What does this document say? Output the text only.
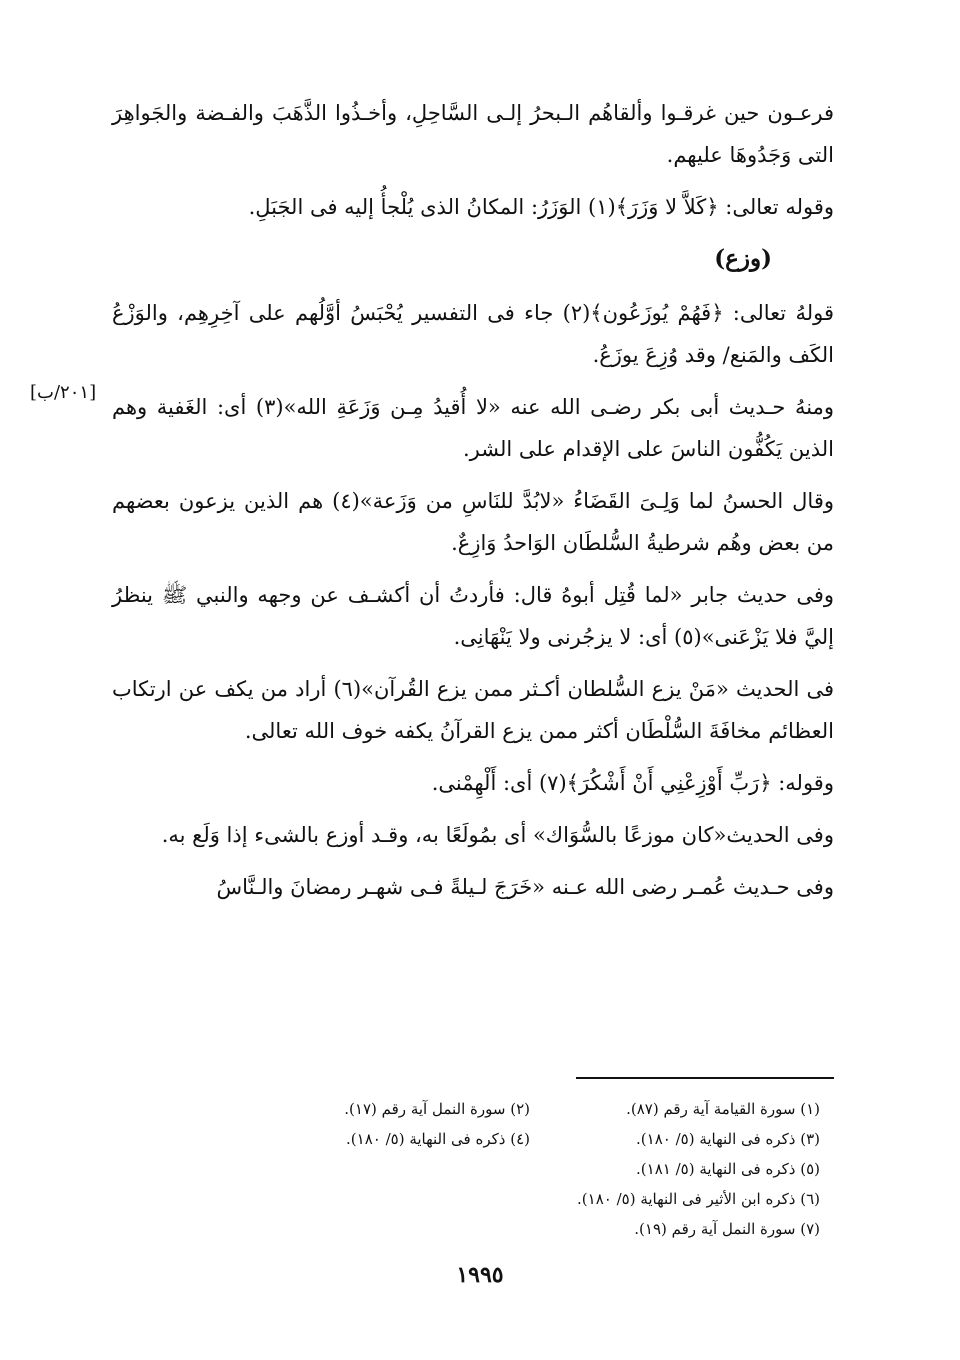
فرعـون حين غرقـوا وألقاهُم الـبحرُ إلـى السَّاحِلِ، وأخـذُوا الذَّهَبَ والفـضة والجَواهِرَ التى وَجَدُوهَا عليهم.

وقوله تعالى: ﴿كَلاَّ لا وَزَرَ﴾(١) الوَزَرُ: المكانُ الذى يُلْجأُ إليه فى الجَبَلِ.

(وزع)

قولهُ تعالى: ﴿فَهُمْ يُوزَعُون﴾(٢) جاء فى التفسير يُحْبَسُ أوَّلُهم على آخِرِهِم، والوَزْعُ الكَف والمَنع/ وقد وُزِعَ يوزَعُ.

ومنهُ حـديث أبى بكر رضـى الله عنه «لا أُقيدُ مِـن وَزَعَةِ الله»(٣) أى: الغَفية وهم الذين يَكُفُّون الناسَ على الإقدام على الشر.

وقال الحسنُ لما وَلِـىَ القَضَاءُ «لابُدَّ للنَاسِ من وَزَعة»(٤) هم الذين يزعون بعضهم من بعض وهُم شرطيةُ السُّلطَان الوَاحدُ وَازِعٌ.

وفى حديث جابر «لما قُتِل أبوهُ قال: فأردتُ أن أكشـف عن وجهه والنبي ﷺ ينظرُ إليَّ فلا يَزْعَنى»(٥) أى: لا يزجُرنى ولا يَنْهَانِى.

فى الحديث «مَنْ يزع السُّلطان أكـثر ممن يزع القُرآن»(٦) أراد من يكف عن ارتكاب العظائم مخافَةَ السُّلْطَان أكثر ممن يزع القرآنُ يكفه خوف الله تعالى.

وقوله: ﴿رَبِّ أَوْزِعْنِي أَنْ أَشْكُرَ﴾(٧) أى: أَلْهِمْنى.

وفى الحديث«كان موزعًا بالسُّوَاك» أى بمُولَعًا به، وقـد أوزع بالشىء إذا وَلَع به.

وفى حـديث عُمـر رضى الله عـنه «خَرَجَ لـيلةً فـى شهـر رمضانَ والـنَّاسُ

[٢٠١/ب]
(١) سورة القيامة آية رقم (٨٧).
(٢) سورة النمل آية رقم (١٧).
(٣) ذكره فى النهاية (٥/ ١٨٠).
(٤) ذكره فى النهاية (٥/ ١٨٠).
(٥) ذكره فى النهاية (٥/ ١٨١).
(٦) ذكره ابن الأثير فى النهاية (٥/ ١٨٠).
(٧) سورة النمل آية رقم (١٩).
١٩٩٥
